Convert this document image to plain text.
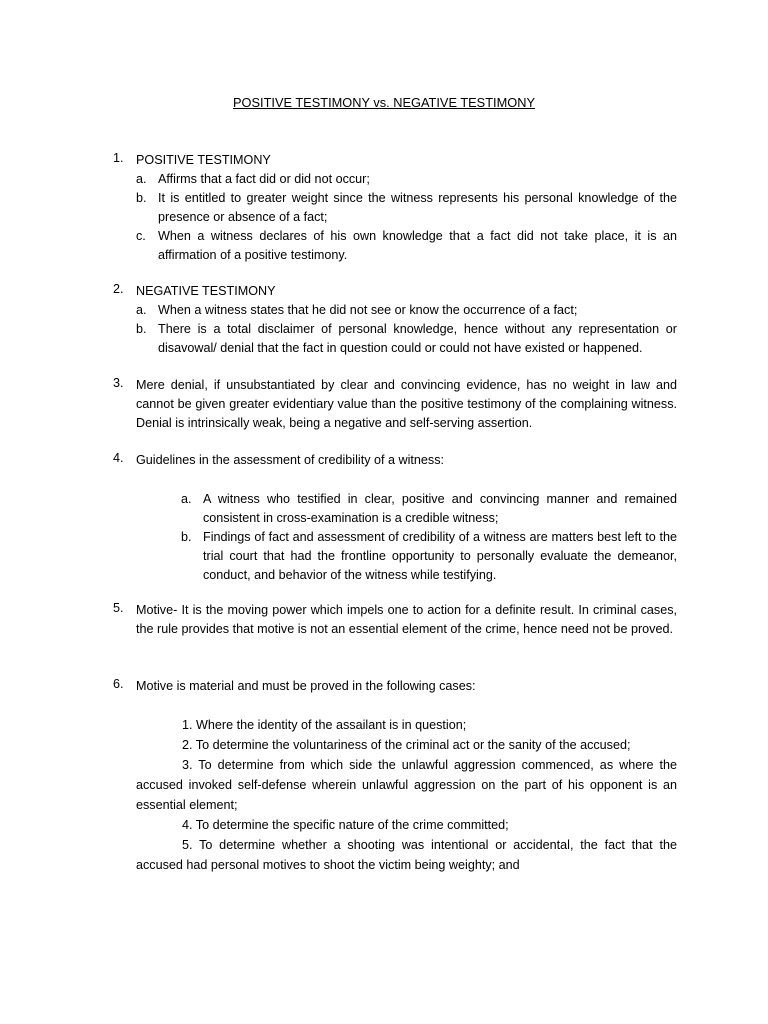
POSITIVE TESTIMONY vs. NEGATIVE TESTIMONY
1. POSITIVE TESTIMONY
a. Affirms that a fact did or did not occur;
b. It is entitled to greater weight since the witness represents his personal knowledge of the presence or absence of a fact;
c. When a witness declares of his own knowledge that a fact did not take place, it is an affirmation of a positive testimony.
2. NEGATIVE TESTIMONY
a. When a witness states that he did not see or know the occurrence of a fact;
b. There is a total disclaimer of personal knowledge, hence without any representation or disavowal/ denial that the fact in question could or could not have existed or happened.
3. Mere denial, if unsubstantiated by clear and convincing evidence, has no weight in law and cannot be given greater evidentiary value than the positive testimony of the complaining witness. Denial is intrinsically weak, being a negative and self-serving assertion.
4. Guidelines in the assessment of credibility of a witness:
a. A witness who testified in clear, positive and convincing manner and remained consistent in cross-examination is a credible witness;
b. Findings of fact and assessment of credibility of a witness are matters best left to the trial court that had the frontline opportunity to personally evaluate the demeanor, conduct, and behavior of the witness while testifying.
5. Motive- It is the moving power which impels one to action for a definite result. In criminal cases, the rule provides that motive is not an essential element of the crime, hence need not be proved.
6. Motive is material and must be proved in the following cases:
1. Where the identity of the assailant is in question;
2. To determine the voluntariness of the criminal act or the sanity of the accused;
3. To determine from which side the unlawful aggression commenced, as where the accused invoked self-defense wherein unlawful aggression on the part of his opponent is an essential element;
4. To determine the specific nature of the crime committed;
5. To determine whether a shooting was intentional or accidental, the fact that the accused had personal motives to shoot the victim being weighty; and
